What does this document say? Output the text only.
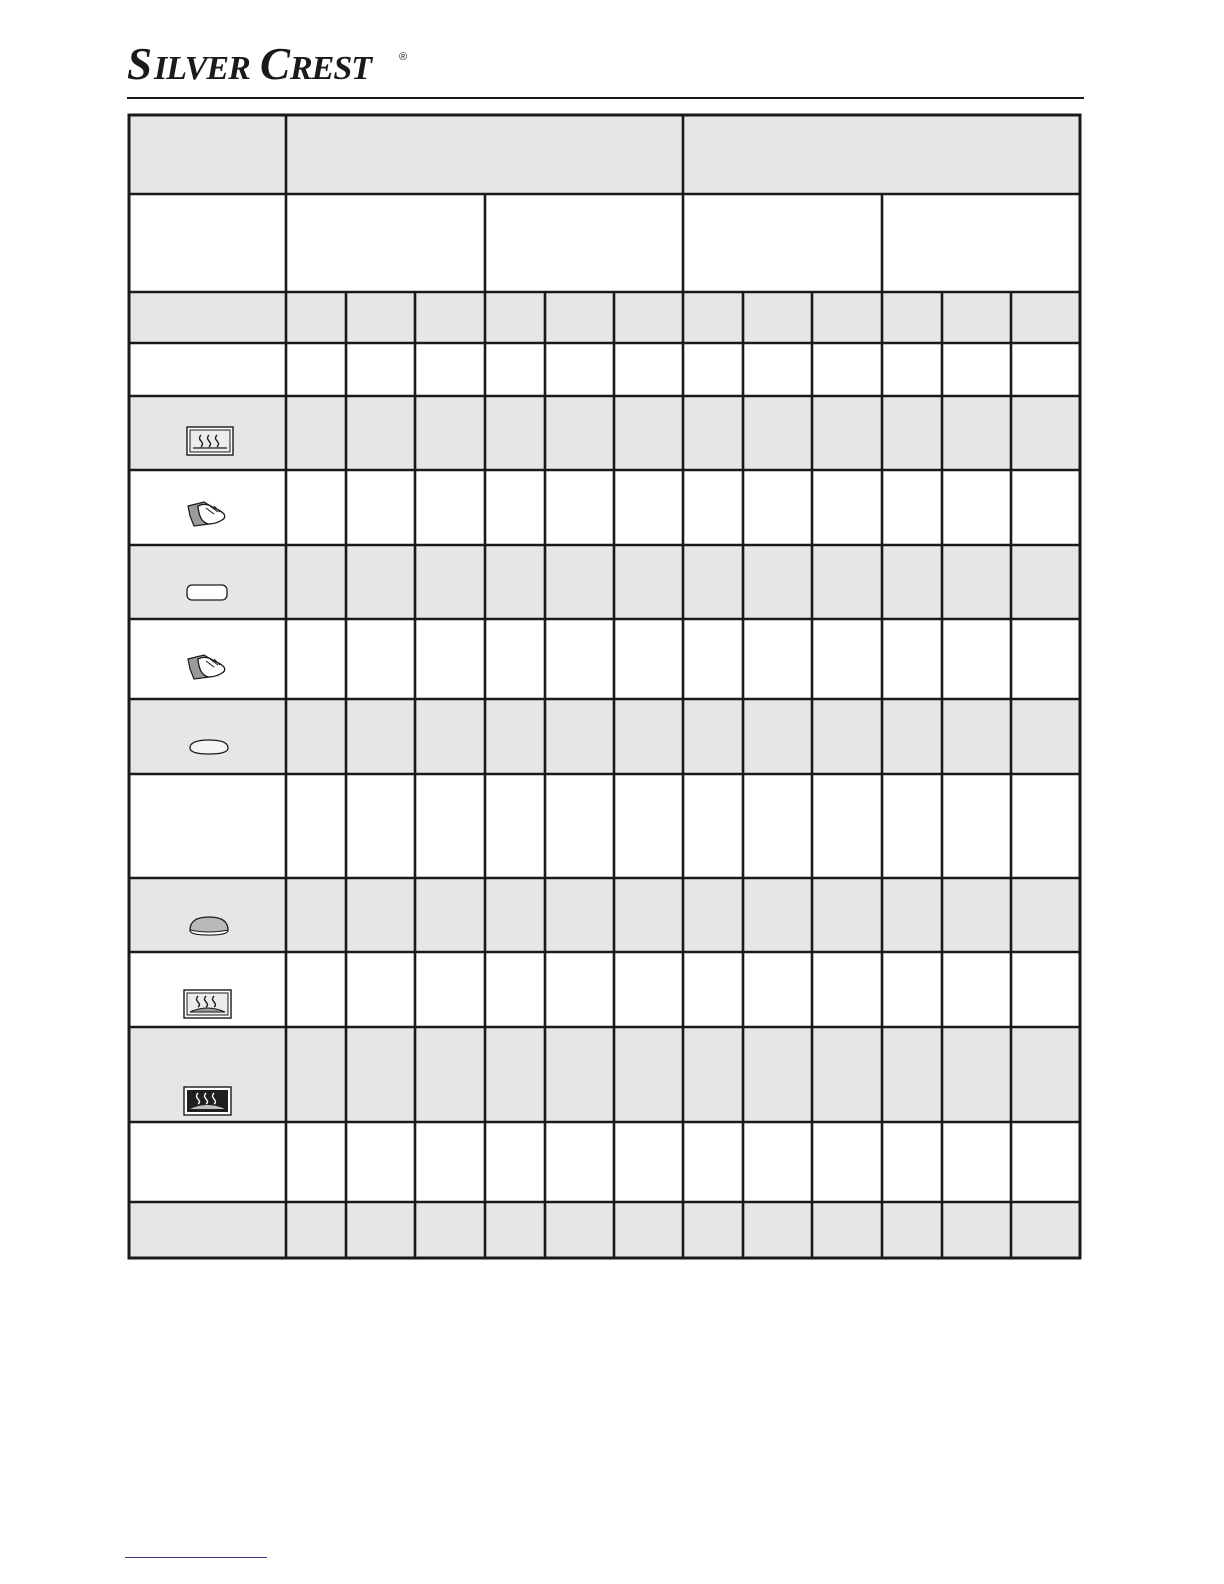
S ILVER C REST	®
